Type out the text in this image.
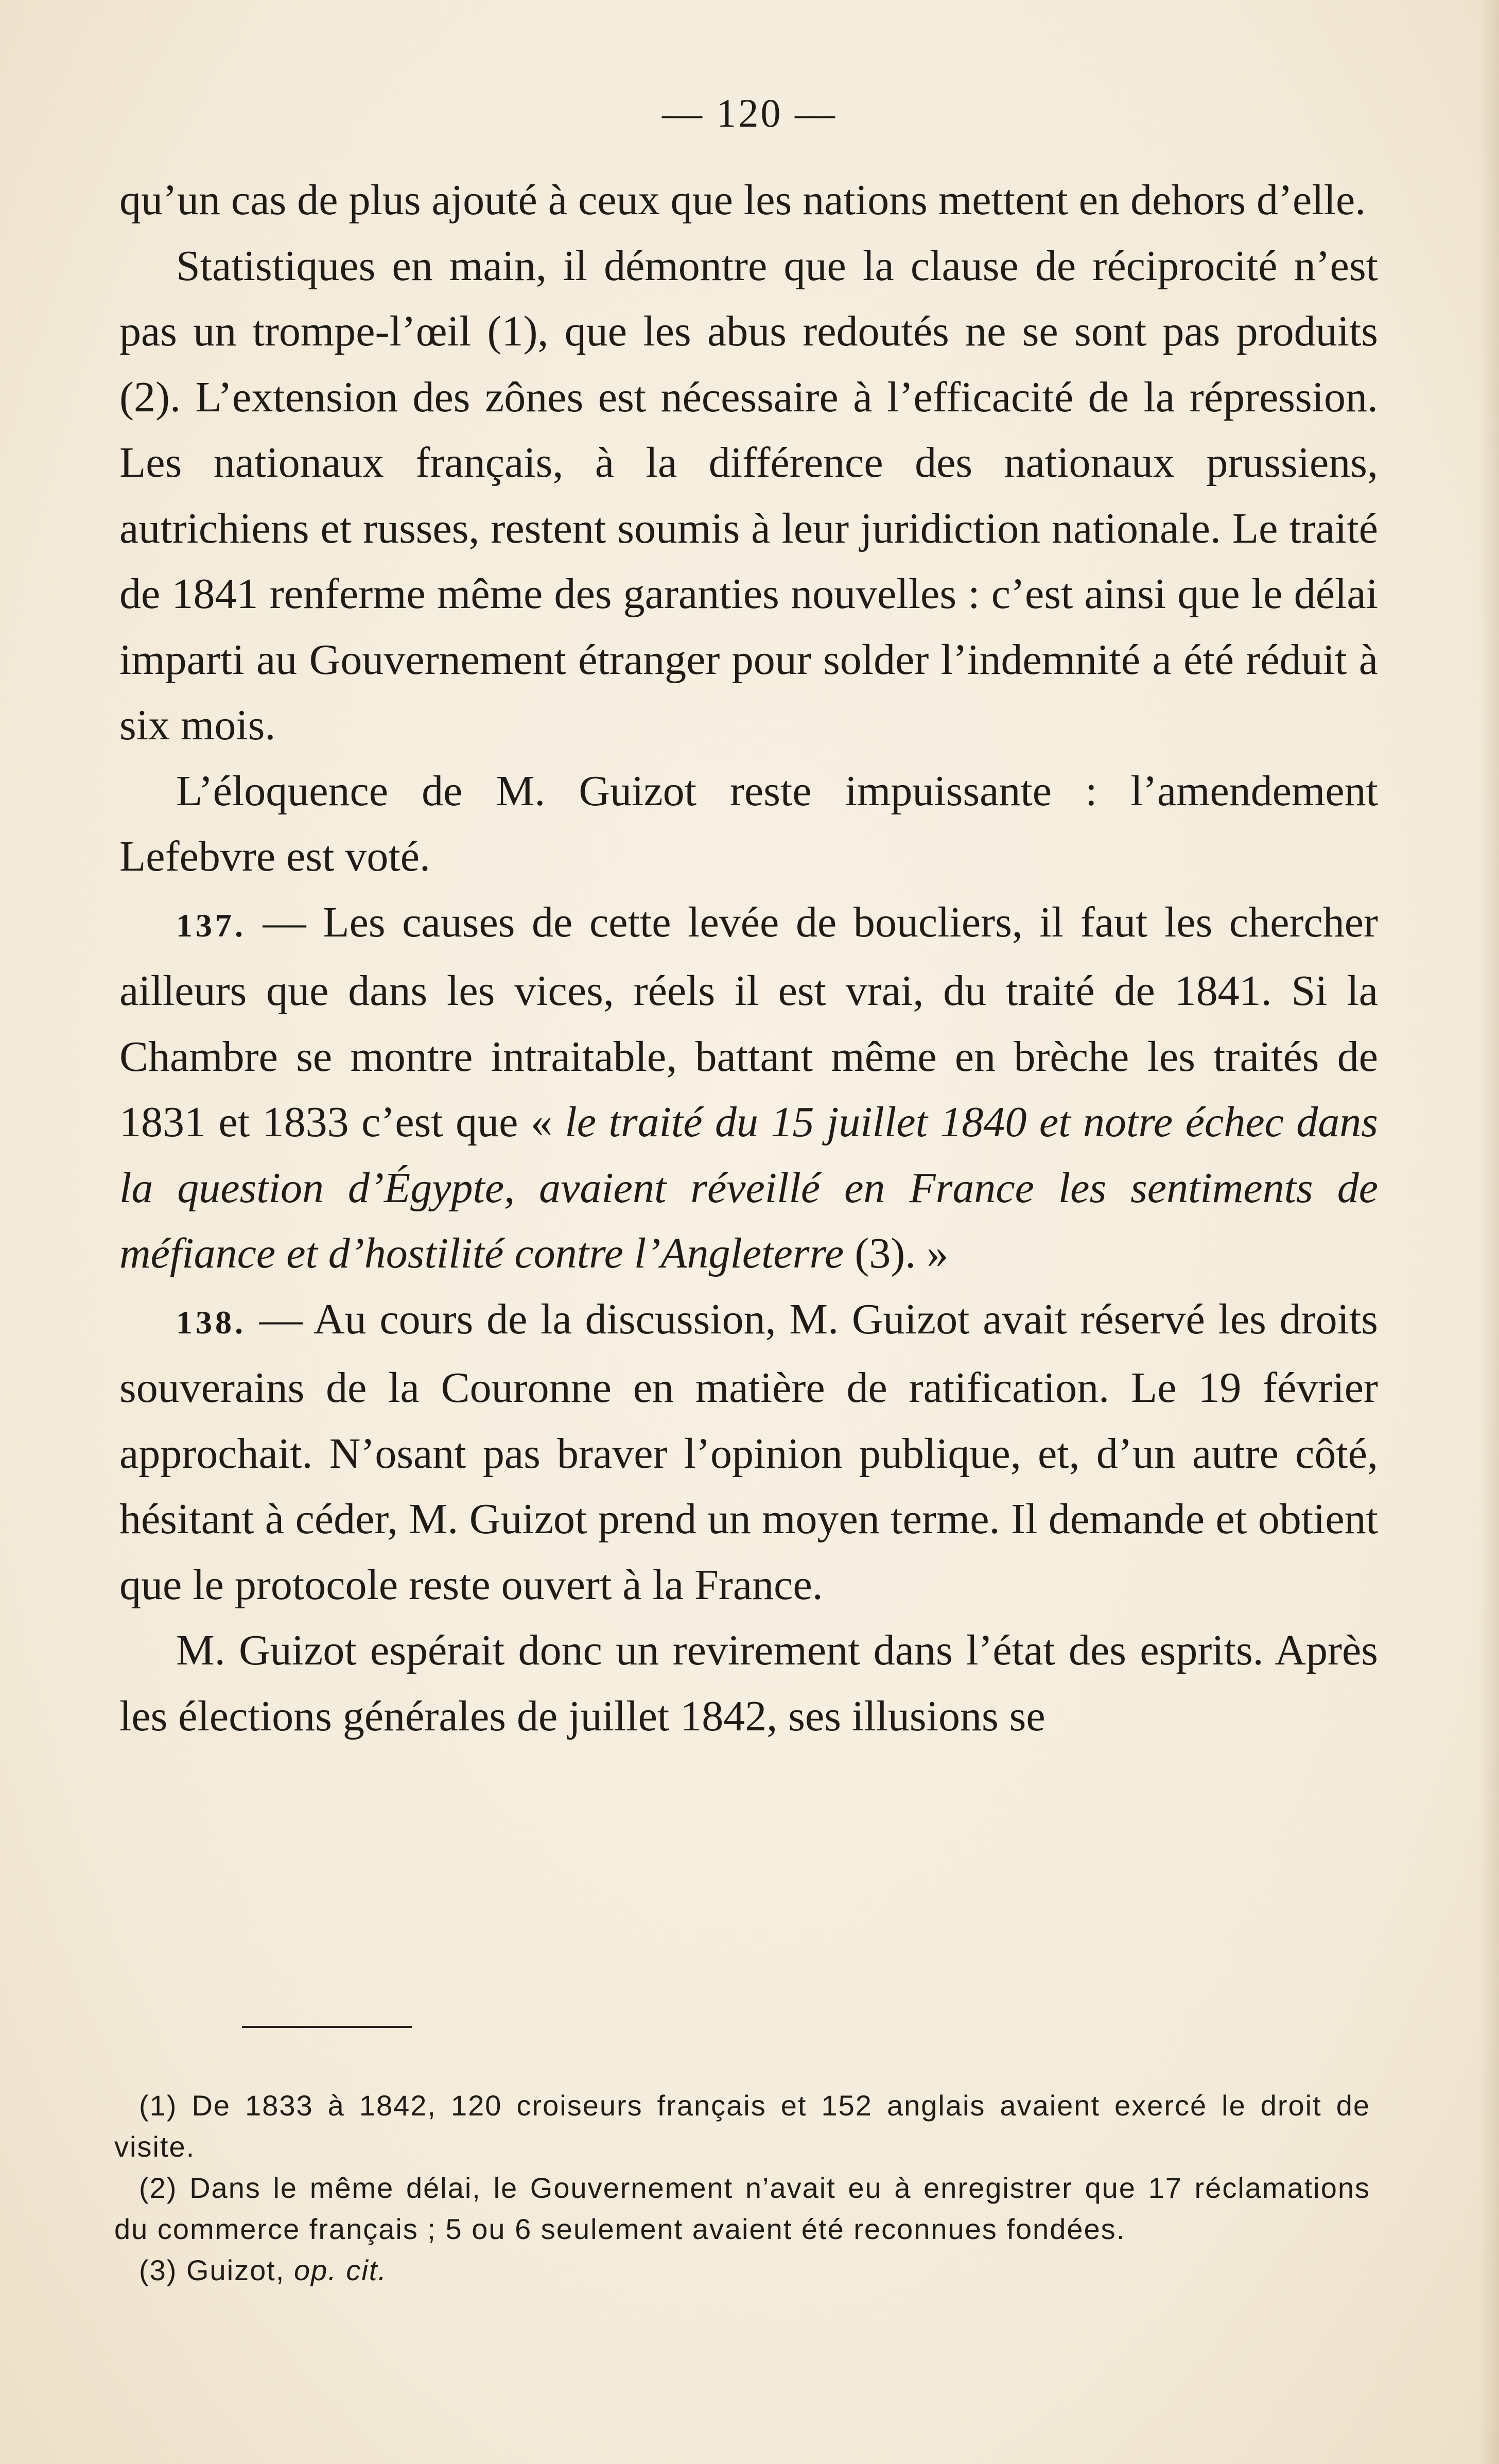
— 120 —

qu’un cas de plus ajouté à ceux que les nations mettent en dehors d’elle.

Statistiques en main, il démontre que la clause de réciprocité n’est pas un trompe-l’œil (1), que les abus redoutés ne se sont pas produits (2). L’extension des zônes est nécessaire à l’efficacité de la répression. Les nationaux français, à la différence des nationaux prussiens, autrichiens et russes, restent soumis à leur juridiction nationale. Le traité de 1841 renferme même des garanties nouvelles : c’est ainsi que le délai imparti au Gouvernement étranger pour solder l’indemnité a été réduit à six mois.

L’éloquence de M. Guizot reste impuissante : l’amendement Lefebvre est voté.

137. — Les causes de cette levée de boucliers, il faut les chercher ailleurs que dans les vices, réels il est vrai, du traité de 1841. Si la Chambre se montre intraitable, battant même en brèche les traités de 1831 et 1833 c’est que « le traité du 15 juillet 1840 et notre échec dans la question d’Égypte, avaient réveillé en France les sentiments de méfiance et d’hostilité contre l’Angleterre (3). »

138. — Au cours de la discussion, M. Guizot avait réservé les droits souverains de la Couronne en matière de ratification. Le 19 février approchait. N’osant pas braver l’opinion publique, et, d’un autre côté, hésitant à céder, M. Guizot prend un moyen terme. Il demande et obtient que le protocole reste ouvert à la France.

M. Guizot espérait donc un revirement dans l’état des esprits. Après les élections générales de juillet 1842, ses illusions se

(1) De 1833 à 1842, 120 croiseurs français et 152 anglais avaient exercé le droit de visite.

(2) Dans le même délai, le Gouvernement n’avait eu à enregistrer que 17 réclamations du commerce français ; 5 ou 6 seulement avaient été reconnues fondées.

(3) Guizot, op. cit.
